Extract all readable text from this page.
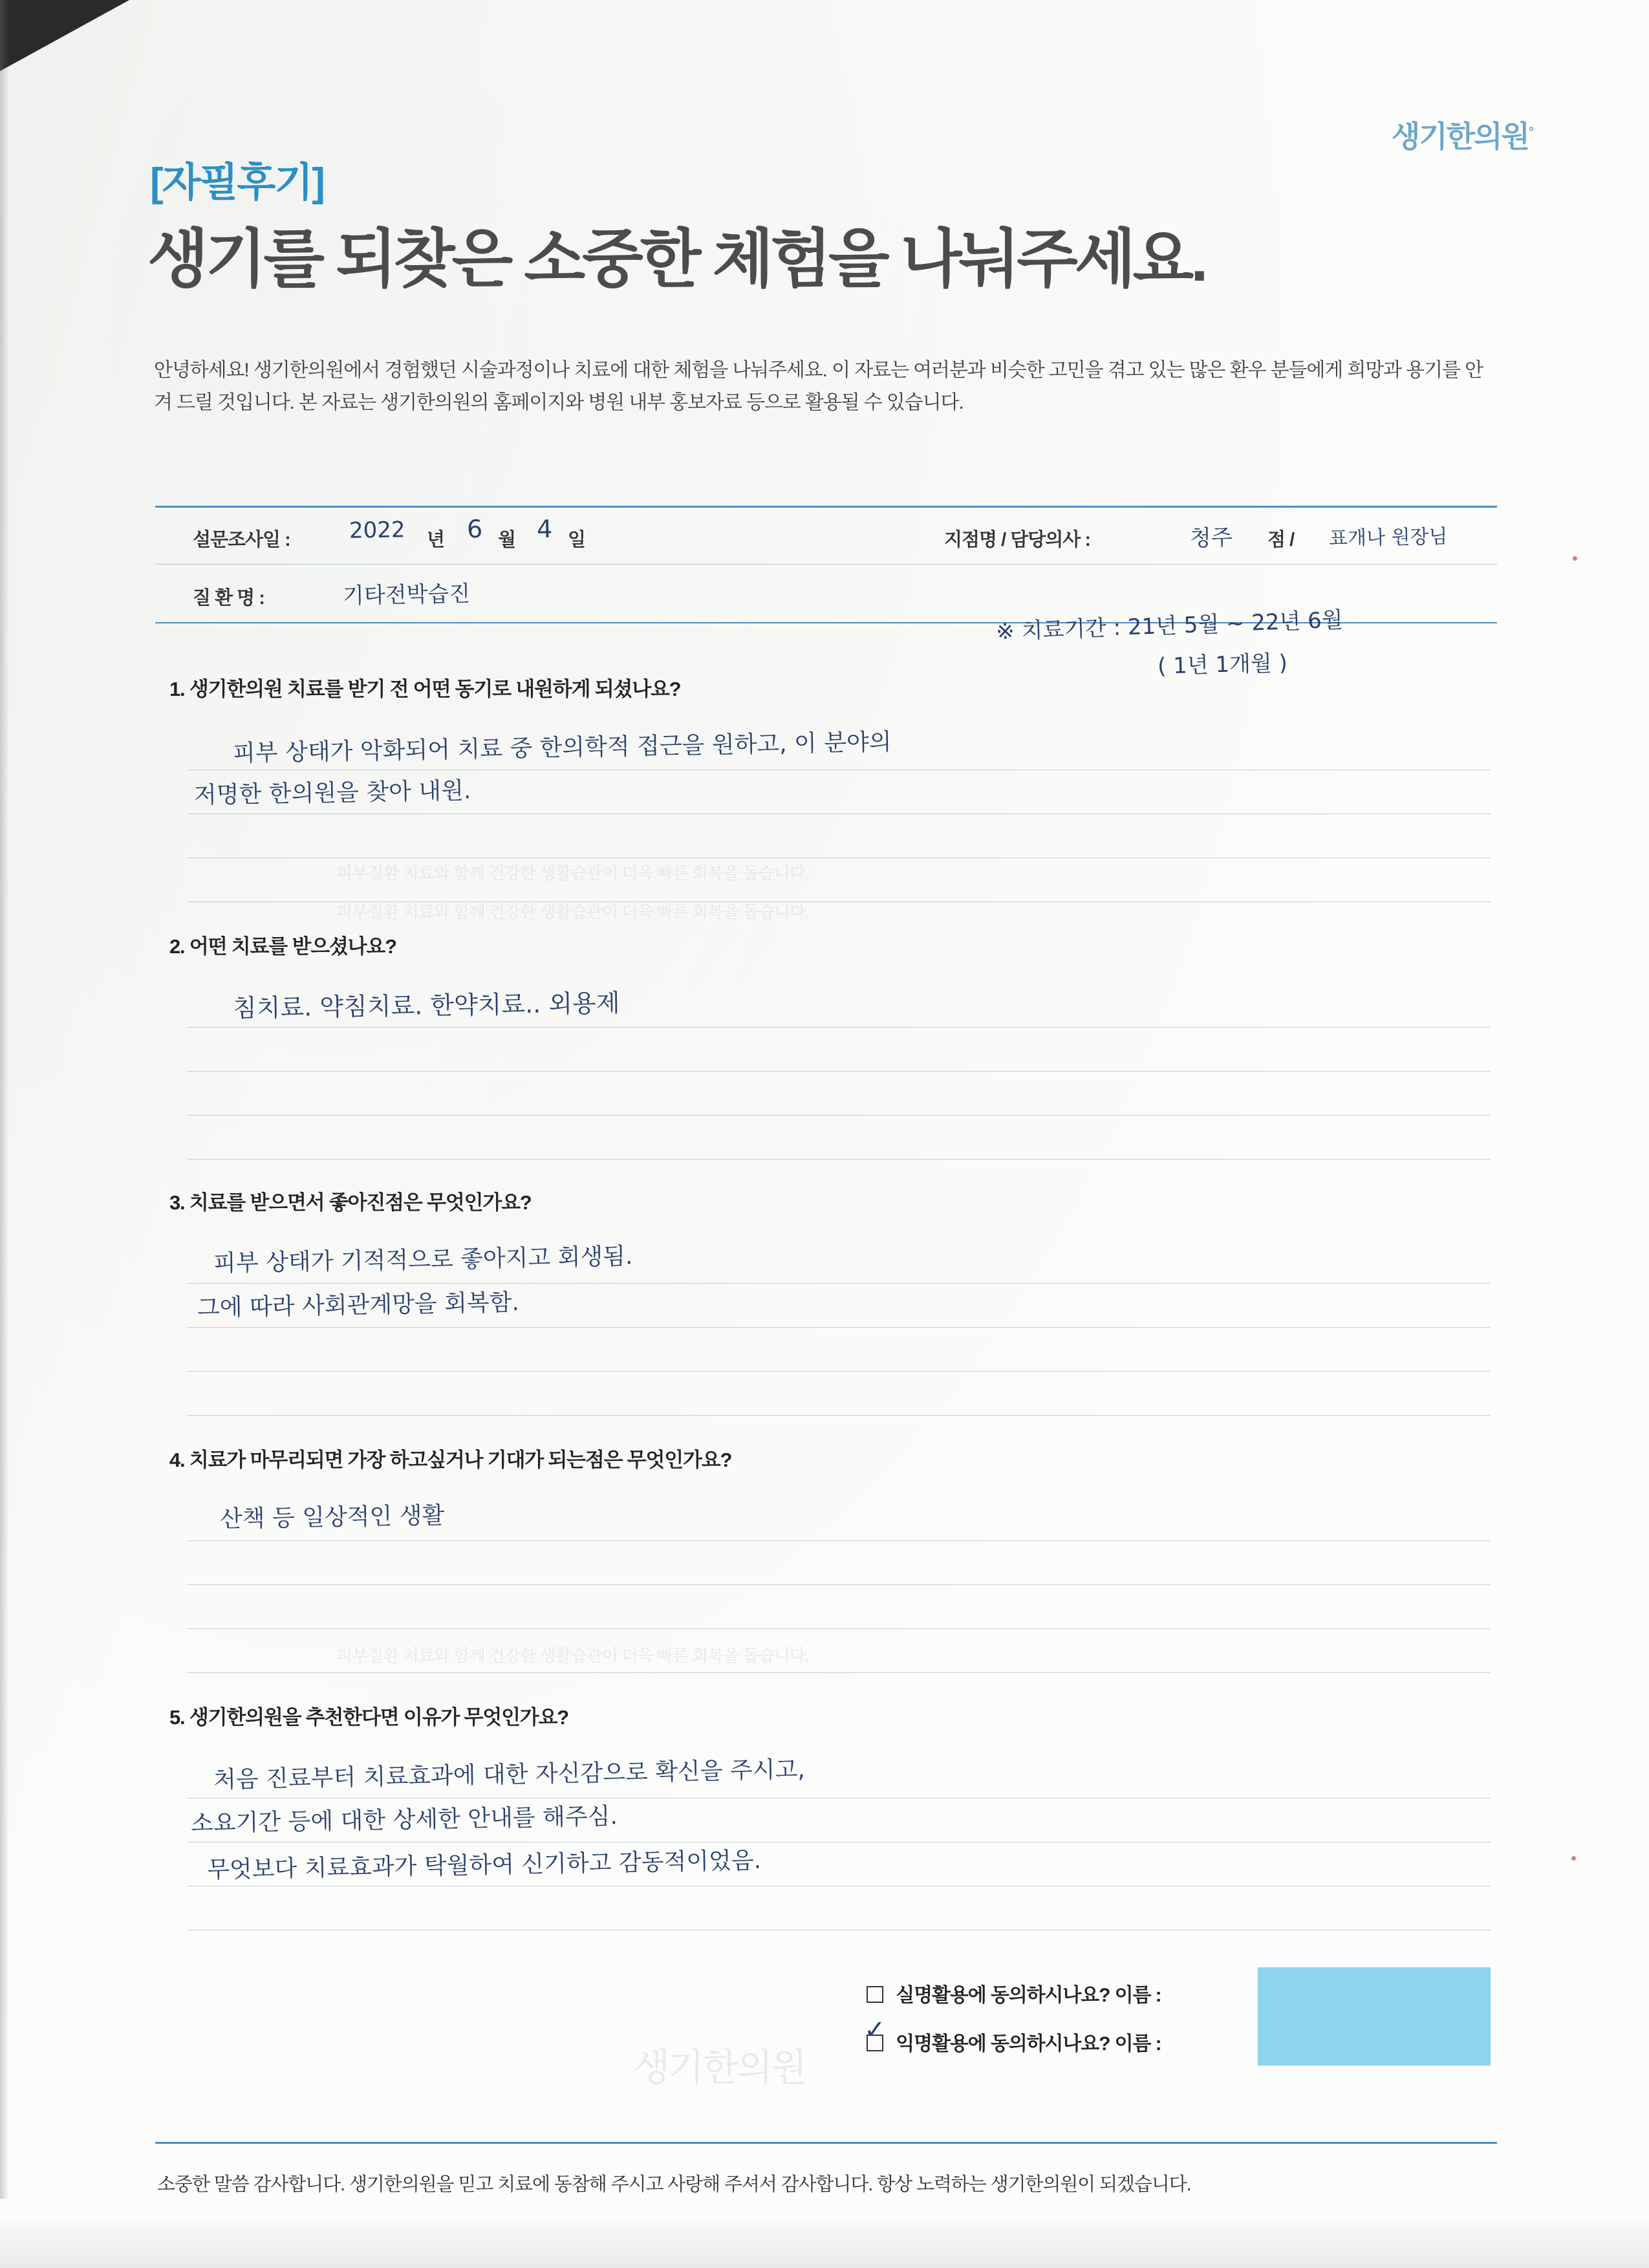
생기한의원°
[자필후기]
생기를 되찾은 소중한 체험을 나눠주세요.
안녕하세요! 생기한의원에서 경험했던 시술과정이나 치료에 대한 체험을 나눠주세요. 이 자료는 여러분과 비슷한 고민을 겪고 있는 많은 환우 분들에게 희망과 용기를 안겨 드릴 것입니다. 본 자료는 생기한의원의 홈페이지와 병원 내부 홍보자료 등으로 활용될 수 있습니다.
설문조사일 :	2022 년 6 월 4 일	지점명 / 담당의사 :	청주 점 / 표개나 원장님
질 환 명 :	기타전박습진
※ 치료기간 : 21년 5월 ~ 22년 6월
( 1년 1개월 )
피부질환 치료와 함께 건강한 생활습관이 더욱 빠른 회복을 돕습니다.
피부질환 치료와 함께 건강한 생활습관이 더욱 빠른 회복을 돕습니다.
피부질환 치료와 함께 건강한 생활습관이 더욱 빠른 회복을 돕습니다.
생기한의원
1. 생기한의원 치료를 받기 전 어떤 동기로 내원하게 되셨나요?
피부 상태가 악화되어 치료 중 한의학적 접근을 원하고, 이 분야의
저명한 한의원을 찾아 내원.
2. 어떤 치료를 받으셨나요?
침치료. 약침치료. 한약치료.. 외용제
3. 치료를 받으면서 좋아진점은 무엇인가요?
피부 상태가 기적적으로 좋아지고 회생됨.
그에 따라 사회관계망을 회복함.
4. 치료가 마무리되면 가장 하고싶거나 기대가 되는점은 무엇인가요?
산책 등 일상적인 생활
5. 생기한의원을 추천한다면 이유가 무엇인가요?
처음 진료부터 치료효과에 대한 자신감으로 확신을 주시고,
소요기간 등에 대한 상세한 안내를 해주심.
무엇보다 치료효과가 탁월하여 신기하고 감동적이었음.
실명활용에 동의하시나요? 이름 :
익명활용에 동의하시나요? 이름 :
✓
소중한 말씀 감사합니다. 생기한의원을 믿고 치료에 동참해 주시고 사랑해 주셔서 감사합니다. 항상 노력하는 생기한의원이 되겠습니다.
